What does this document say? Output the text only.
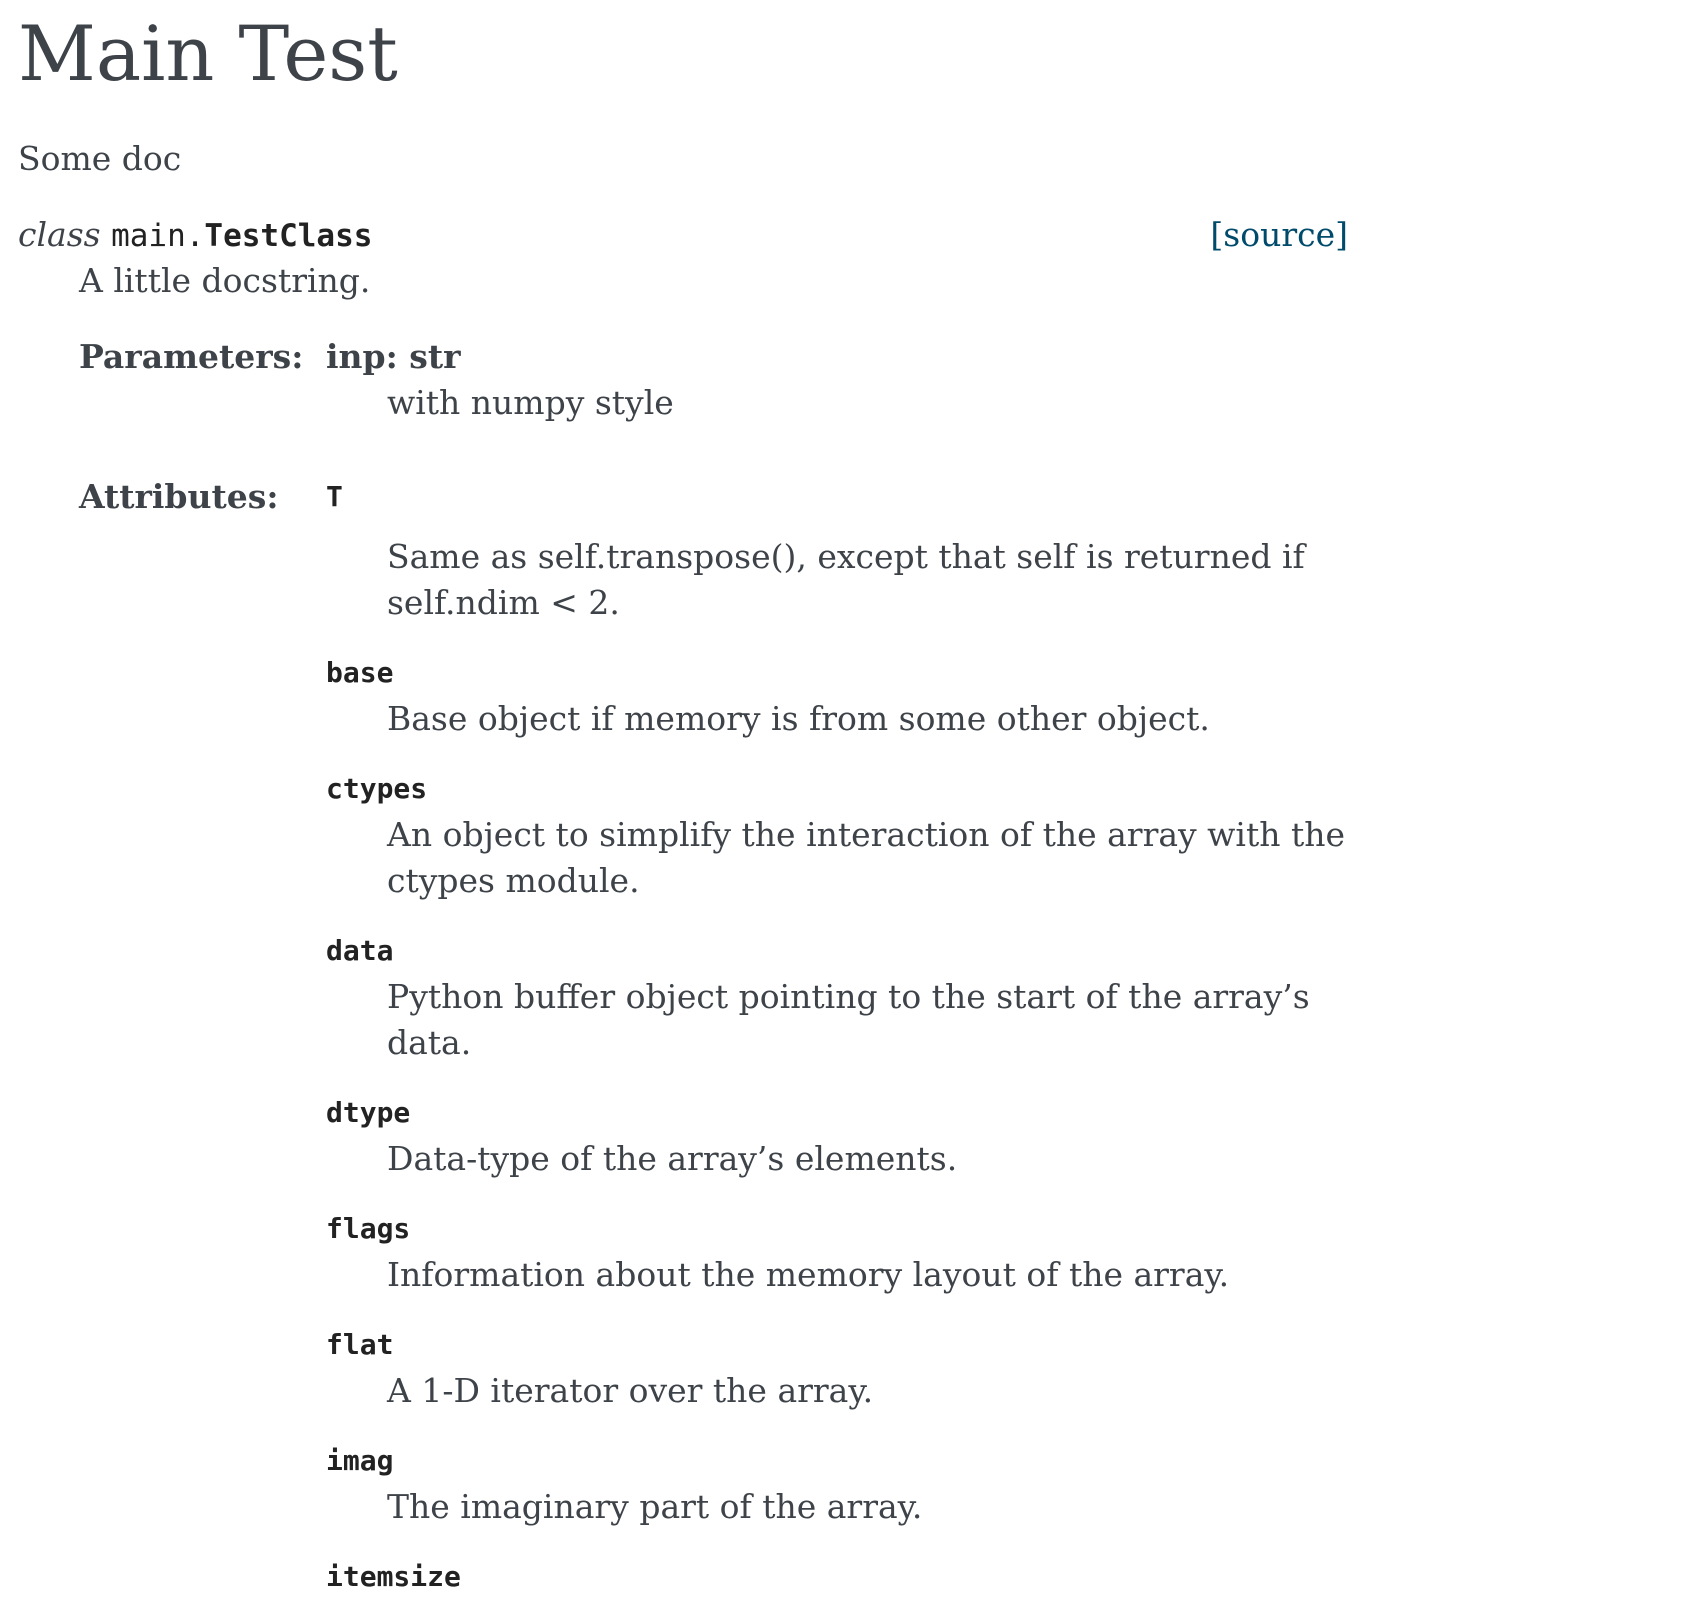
Main Test

Some doc

class main.TestClass	[source]

A little docstring.

Parameters: inp: str
with numpy style
Attributes:	T
Same as self.transpose(), except that self is returned if self.ndim < 2.
base
Base object if memory is from some other object.
ctypes
An object to simplify the interaction of the array with the ctypes module.
data
Python buffer object pointing to the start of the array’s data.
dtype
Data-type of the array’s elements.
flags
Information about the memory layout of the array.
flat
A 1-D iterator over the array.
imag
The imaginary part of the array.
itemsize
